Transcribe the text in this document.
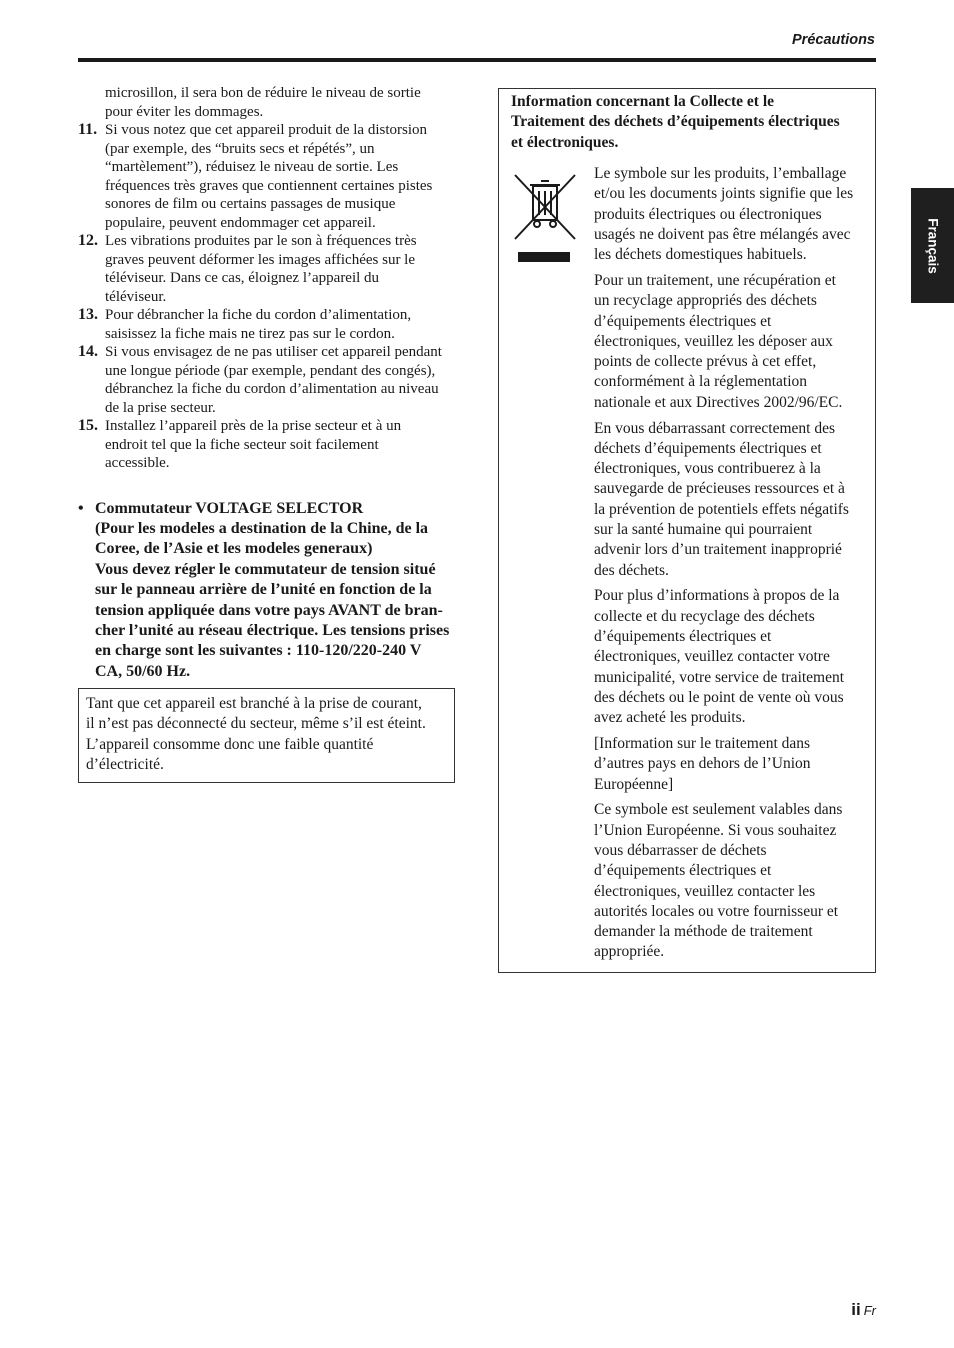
Précautions
Français
microsillon, il sera bon de réduire le niveau de sortie
pour éviter les dommages.
11. Si vous notez que cet appareil produit de la distorsion
(par exemple, des “bruits secs et répétés”, un
“martèlement”), réduisez le niveau de sortie. Les
fréquences très graves que contiennent certaines pistes
sonores de film ou certains passages de musique
populaire, peuvent endommager cet appareil.
12. Les vibrations produites par le son à fréquences très
graves peuvent déformer les images affichées sur le
téléviseur. Dans ce cas, éloignez l’appareil du
téléviseur.
13. Pour débrancher la fiche du cordon d’alimentation,
saisissez la fiche mais ne tirez pas sur le cordon.
14. Si vous envisagez de ne pas utiliser cet appareil pendant
une longue période (par exemple, pendant des congés),
débranchez la fiche du cordon d’alimentation au niveau
de la prise secteur.
15. Installez l’appareil près de la prise secteur et à un
endroit tel que la fiche secteur soit facilement
accessible.
• Commutateur VOLTAGE SELECTOR
(Pour les modeles a destination de la Chine, de la
Coree, de l’Asie et les modeles generaux)
Vous devez régler le commutateur de tension situé
sur le panneau arrière de l’unité en fonction de la
tension appliquée dans votre pays AVANT de bran-
cher l’unité au réseau électrique. Les tensions prises
en charge sont les suivantes : 110-120/220-240 V
CA, 50/60 Hz.
Tant que cet appareil est branché à la prise de courant,
il n’est pas déconnecté du secteur, même s’il est éteint.
L’appareil consomme donc une faible quantité
d’électricité.
Information concernant la Collecte et le
Traitement des déchets d’équipements électriques
et électroniques.
Le symbole sur les produits, l’emballage
et/ou les documents joints signifie que les
produits électriques ou électroniques
usagés ne doivent pas être mélangés avec
les déchets domestiques habituels.
Pour un traitement, une récupération et
un recyclage appropriés des déchets
d’équipements électriques et
électroniques, veuillez les déposer aux
points de collecte prévus à cet effet,
conformément à la réglementation
nationale et aux Directives 2002/96/EC.
En vous débarrassant correctement des
déchets d’équipements électriques et
électroniques, vous contribuerez à la
sauvegarde de précieuses ressources et à
la prévention de potentiels effets négatifs
sur la santé humaine qui pourraient
advenir lors d’un traitement inapproprié
des déchets.
Pour plus d’informations à propos de la
collecte et du recyclage des déchets
d’équipements électriques et
électroniques, veuillez contacter votre
municipalité, votre service de traitement
des déchets ou le point de vente où vous
avez acheté les produits.
[Information sur le traitement dans
d’autres pays en dehors de l’Union
Européenne]
Ce symbole est seulement valables dans
l’Union Européenne. Si vous souhaitez
vous débarrasser de déchets
d’équipements électriques et
électroniques, veuillez contacter les
autorités locales ou votre fournisseur et
demander la méthode de traitement
appropriée.
ii Fr
